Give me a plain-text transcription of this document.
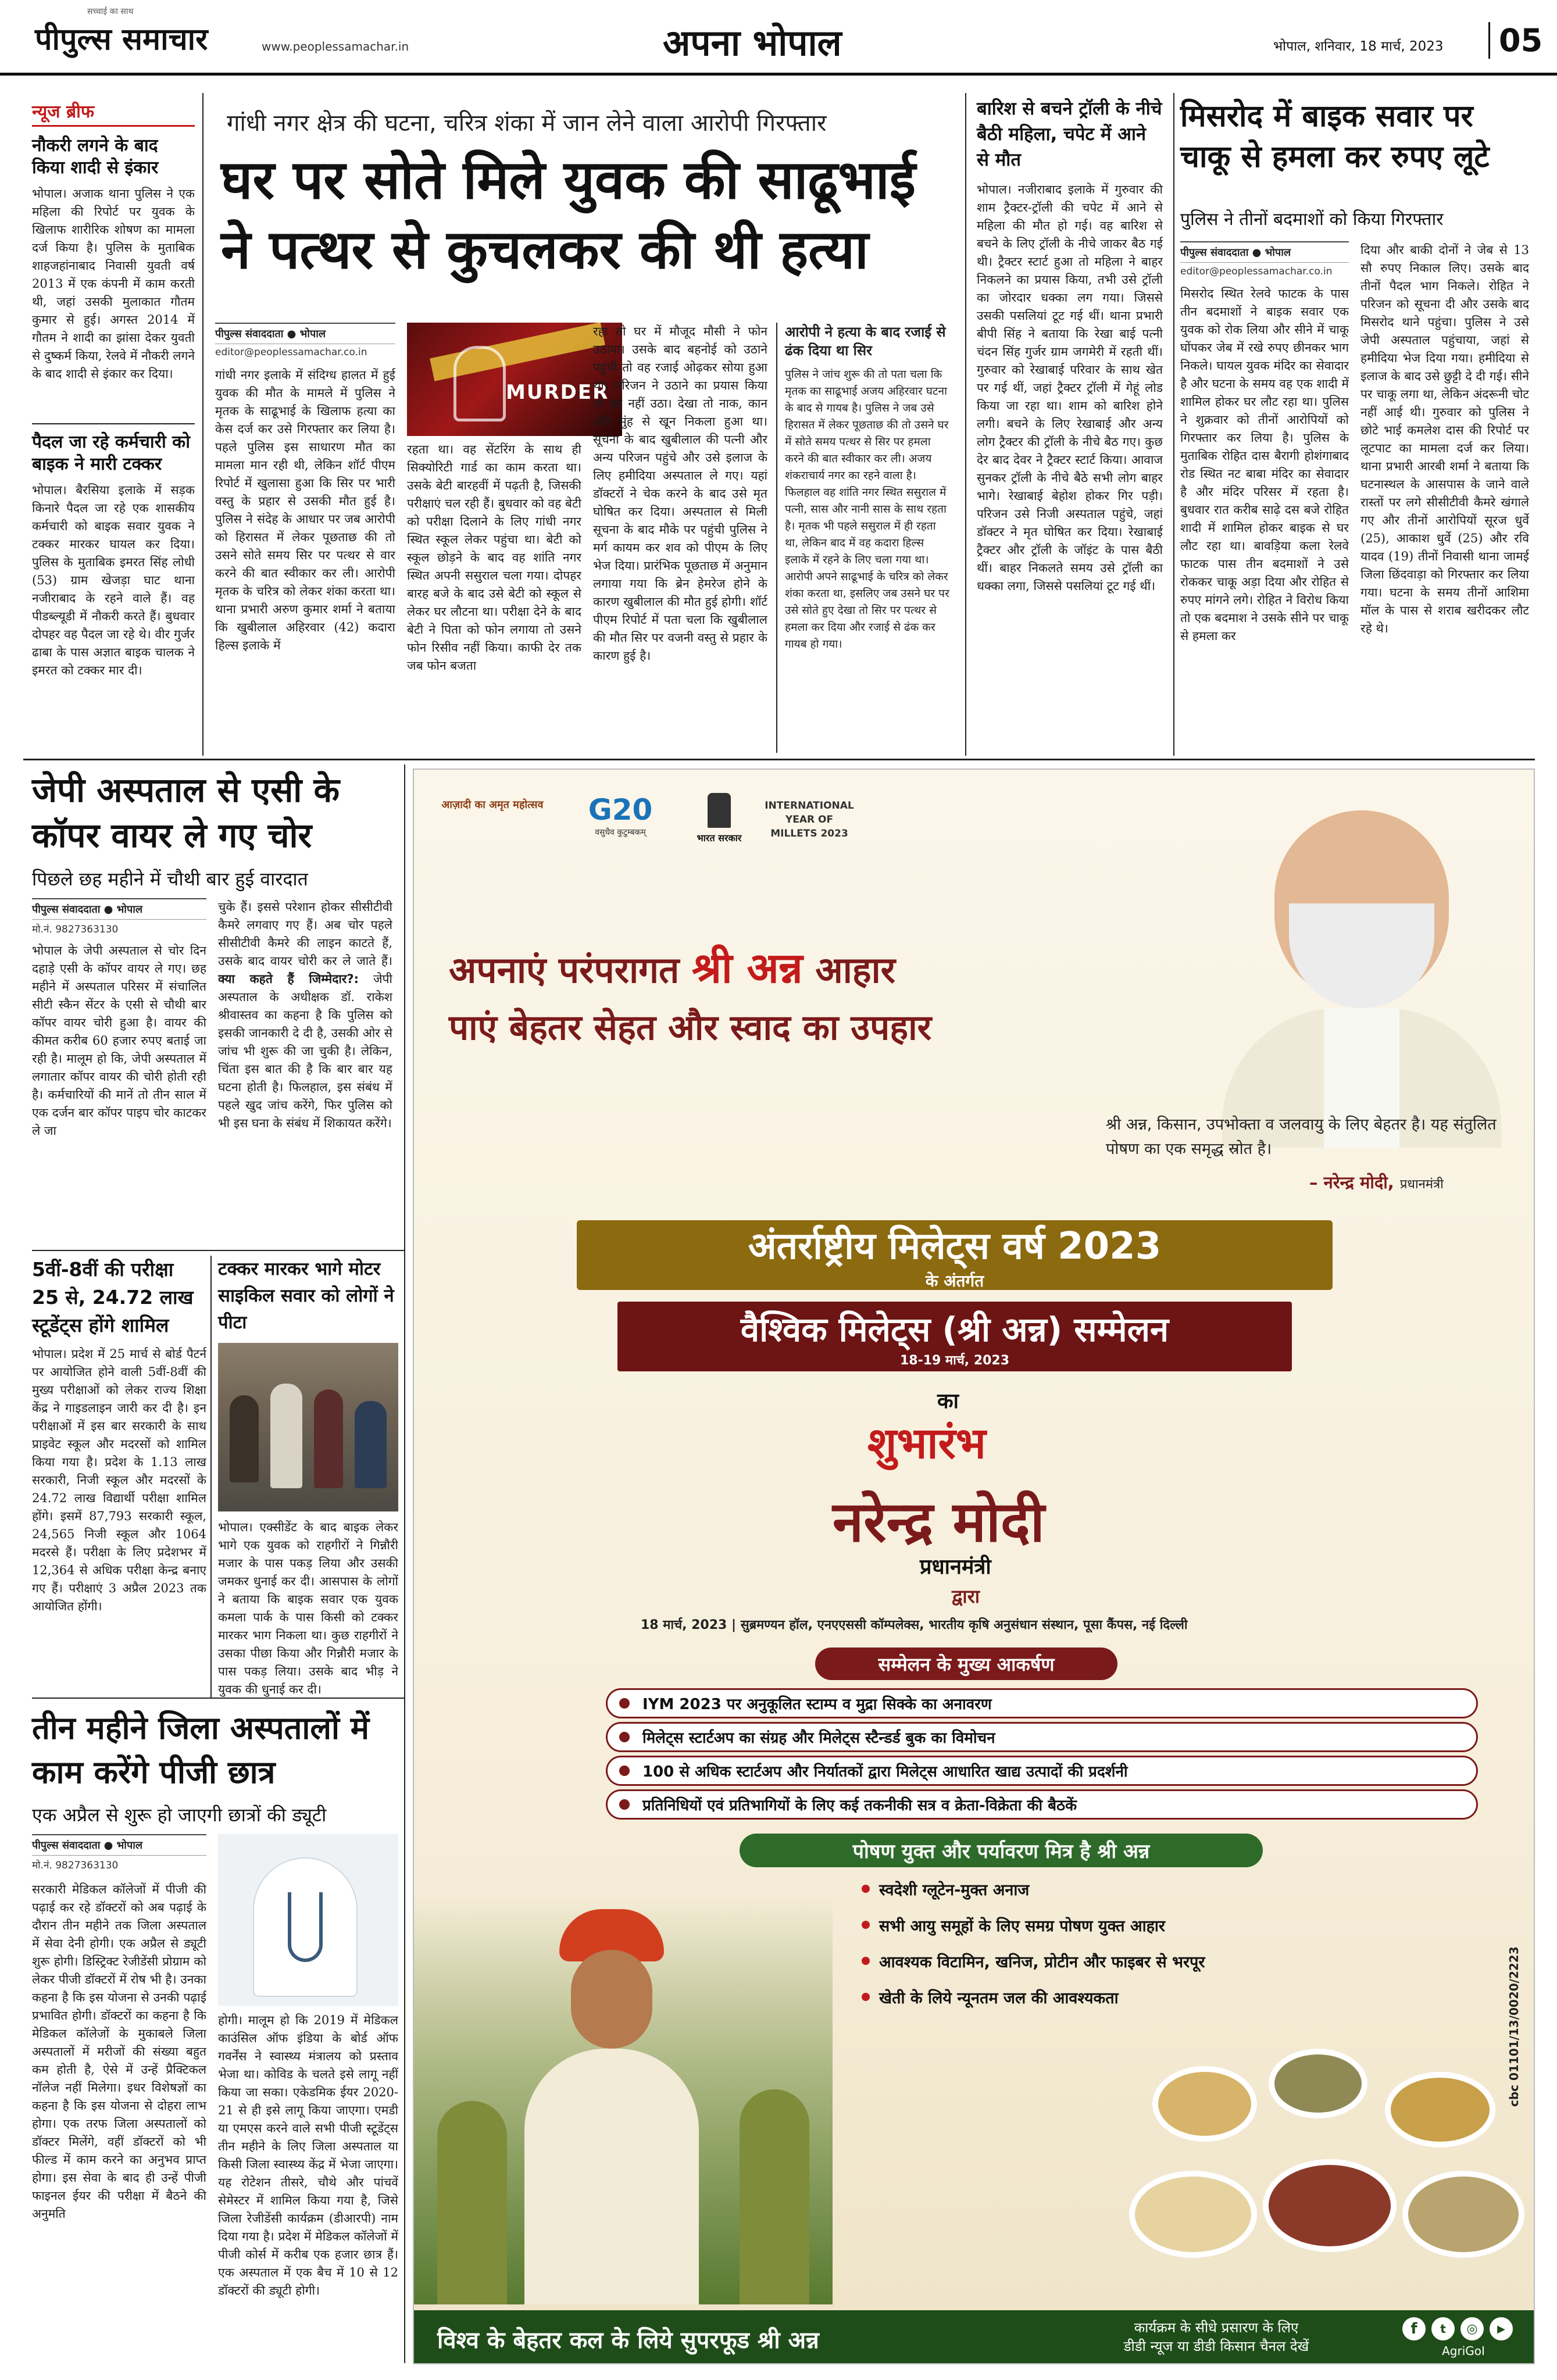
सच्चाई का साथ
पीपुल्स समाचार	www.peoplessamachar.in	अपना भोपाल	भोपाल, शनिवार, 18 मार्च, 2023	05
न्यूज ब्रीफ
नौकरी लगने के बाद किया शादी से इंकार
भोपाल। अजाक थाना पुलिस ने एक महिला की रिपोर्ट पर युवक के खिलाफ शारीरिक शोषण का मामला दर्ज किया है। पुलिस के मुताबिक शाहजहांनाबाद निवासी युवती वर्ष 2013 में एक कंपनी में काम करती थी, जहां उसकी मुलाकात गौतम कुमार से हुई। अगस्त 2014 में गौतम ने शादी का झांसा देकर युवती से दुष्कर्म किया, रेलवे में नौकरी लगने के बाद शादी से इंकार कर दिया।
पैदल जा रहे कर्मचारी को बाइक ने मारी टक्कर
भोपाल। बैरसिया इलाके में सड़क किनारे पैदल जा रहे एक शासकीय कर्मचारी को बाइक सवार युवक ने टक्कर मारकर घायल कर दिया। पुलिस के मुताबिक इमरत सिंह लोधी (53) ग्राम खेजड़ा घाट थाना नजीराबाद के रहने वाले हैं। वह पीडब्ल्यूडी में नौकरी करते हैं। बुधवार दोपहर वह पैदल जा रहे थे। वीर गुर्जर ढाबा के पास अज्ञात बाइक चालक ने इमरत को टक्कर मार दी।
गांधी नगर क्षेत्र की घटना, चरित्र शंका में जान लेने वाला आरोपी गिरफ्तार
घर पर सोते मिले युवक की साढूभाई ने पत्थर से कुचलकर की थी हत्या
पीपुल्स संवाददाता ● भोपाल
editor@peoplessamachar.co.in
MURDER
गांधी नगर इलाके में संदिग्ध हालत में हुई युवक की मौत के मामले में पुलिस ने मृतक के साढूभाई के खिलाफ हत्या का केस दर्ज कर उसे गिरफ्तार कर लिया है। पहले पुलिस इस साधारण मौत का मामला मान रही थी, लेकिन शॉर्ट पीएम रिपोर्ट में खुलासा हुआ कि सिर पर भारी वस्तु के प्रहार से उसकी मौत हुई है। पुलिस ने संदेह के आधार पर जब आरोपी को हिरासत में लेकर पूछताछ की तो उसने सोते समय सिर पर पत्थर से वार करने की बात स्वीकार कर ली। आरोपी मृतक के चरित्र को लेकर शंका करता था। थाना प्रभारी अरुण कुमार शर्मा ने बताया कि खुबीलाल अहिरवार (42) कदारा हिल्स इलाके में
रहता था। वह सेंटरिंग के साथ ही सिक्योरिटी गार्ड का काम करता था। उसके बेटी बारहवीं में पढ़ती है, जिसकी परीक्षाएं चल रही हैं। बुधवार को वह बेटी को परीक्षा दिलाने के लिए गांधी नगर स्थित स्कूल लेकर पहुंचा था। बेटी को स्कूल छोड़ने के बाद वह शांति नगर स्थित अपनी ससुराल चला गया। दोपहर बारह बजे के बाद उसे बेटी को स्कूल से लेकर घर लौटना था। परीक्षा देने के बाद बेटी ने पिता को फोन लगाया तो उसने फोन रिसीव नहीं किया। काफी देर तक जब फोन बजता
रहा तो घर में मौजूद मौसी ने फोन उठाया। उसके बाद बहनोई को उठाने पहुंची तो वह रजाई ओढ़कर सोया हुआ था। परिजन ने उठाने का प्रयास किया तो वह नहीं उठा। देखा तो नाक, कान और मुंह से खून निकला हुआ था। सूचना के बाद खुबीलाल की पत्नी और अन्य परिजन पहुंचे और उसे इलाज के लिए हमीदिया अस्पताल ले गए। यहां डॉक्टरों ने चेक करने के बाद उसे मृत घोषित कर दिया। अस्पताल से मिली सूचना के बाद मौके पर पहुंची पुलिस ने मर्ग कायम कर शव को पीएम के लिए भेज दिया। प्रारंभिक पूछताछ में अनुमान लगाया गया कि ब्रेन हेमरेज होने के कारण खुबीलाल की मौत हुई होगी। शॉर्ट पीएम रिपोर्ट में पता चला कि खुबीलाल की मौत सिर पर वजनी वस्तु से प्रहार के कारण हुई है।
आरोपी ने हत्या के बाद रजाई से ढंक दिया था सिर
पुलिस ने जांच शुरू की तो पता चला कि मृतक का साढूभाई अजय अहिरवार घटना के बाद से गायब है। पुलिस ने जब उसे हिरासत में लेकर पूछताछ की तो उसने घर में सोते समय पत्थर से सिर पर हमला करने की बात स्वीकार कर ली। अजय शंकराचार्य नगर का रहने वाला है। फिलहाल वह शांति नगर स्थित ससुराल में पत्नी, सास और नानी सास के साथ रहता है। मृतक भी पहले ससुराल में ही रहता था, लेकिन बाद में वह कदारा हिल्स इलाके में रहने के लिए चला गया था। आरोपी अपने साढूभाई के चरित्र को लेकर शंका करता था, इसलिए जब उसने घर पर उसे सोते हुए देखा तो सिर पर पत्थर से हमला कर दिया और रजाई से ढंक कर गायब हो गया।
बारिश से बचने ट्रॉली के नीचे बैठी महिला, चपेट में आने से मौत
भोपाल। नजीराबाद इलाके में गुरुवार की शाम ट्रैक्टर-ट्रॉली की चपेट में आने से महिला की मौत हो गई। वह बारिश से बचने के लिए ट्रॉली के नीचे जाकर बैठ गई थी। ट्रैक्टर स्टार्ट हुआ तो महिला ने बाहर निकलने का प्रयास किया, तभी उसे ट्रॉली का जोरदार धक्का लग गया। जिससे उसकी पसलियां टूट गई थीं। थाना प्रभारी बीपी सिंह ने बताया कि रेखा बाई पत्नी चंदन सिंह गुर्जर ग्राम जगमेरी में रहती थीं। गुरुवार को रेखाबाई परिवार के साथ खेत पर गई थीं, जहां ट्रैक्टर ट्रॉली में गेहूं लोड किया जा रहा था। शाम को बारिश होने लगी। बचने के लिए रेखाबाई और अन्य लोग ट्रैक्टर की ट्रॉली के नीचे बैठ गए। कुछ देर बाद देवर ने ट्रैक्टर स्टार्ट किया। आवाज सुनकर ट्रॉली के नीचे बैठे सभी लोग बाहर भागे। रेखाबाई बेहोश होकर गिर पड़ी। परिजन उसे निजी अस्पताल पहुंचे, जहां डॉक्टर ने मृत घोषित कर दिया। रेखाबाई ट्रैक्टर और ट्रॉली के जॉइंट के पास बैठी थीं। बाहर निकलते समय उसे ट्रॉली का धक्का लगा, जिससे पसलियां टूट गई थीं।
मिसरोद में बाइक सवार पर चाकू से हमला कर रुपए लूटे
पुलिस ने तीनों बदमाशों को किया गिरफ्तार
पीपुल्स संवाददाता ● भोपाल
editor@peoplessamachar.co.in
मिसरोद स्थित रेलवे फाटक के पास तीन बदमाशों ने बाइक सवार एक युवक को रोक लिया और सीने में चाकू घोंपकर जेब में रखे रुपए छीनकर भाग निकले। घायल युवक मंदिर का सेवादार है और घटना के समय वह एक शादी में शामिल होकर घर लौट रहा था। पुलिस ने शुक्रवार को तीनों आरोपियों को गिरफ्तार कर लिया है। पुलिस के मुताबिक रोहित दास बैरागी होशंगाबाद रोड स्थित नट बाबा मंदिर का सेवादार है और मंदिर परिसर में रहता है। बुधवार रात करीब साढ़े दस बजे रोहित शादी में शामिल होकर बाइक से घर लौट रहा था। बावड़िया कला रेलवे फाटक पास तीन बदमाशों ने उसे रोककर चाकू अड़ा दिया और रोहित से रुपए मांगने लगे। रोहित ने विरोध किया तो एक बदमाश ने उसके सीने पर चाकू से हमला कर
दिया और बाकी दोनों ने जेब से 13 सौ रुपए निकाल लिए। उसके बाद तीनों पैदल भाग निकले। रोहित ने परिजन को सूचना दी और उसके बाद मिसरोद थाने पहुंचा। पुलिस ने उसे जेपी अस्पताल पहुंचाया, जहां से हमीदिया भेज दिया गया। हमीदिया से इलाज के बाद उसे छुट्टी दे दी गई। सीने पर चाकू लगा था, लेकिन अंदरूनी चोट नहीं आई थी। गुरुवार को पुलिस ने छोटे भाई कमलेश दास की रिपोर्ट पर लूटपाट का मामला दर्ज कर लिया। थाना प्रभारी आरबी शर्मा ने बताया कि घटनास्थल के आसपास के जाने वाले रास्तों पर लगे सीसीटीवी कैमरे खंगाले गए और तीनों आरोपियों सूरज धुर्वे (25), आकाश धुर्वे (25) और रवि यादव (19) तीनों निवासी थाना जामई जिला छिंदवाड़ा को गिरफ्तार कर लिया गया। घटना के समय तीनों आशिमा मॉल के पास से शराब खरीदकर लौट रहे थे।
जेपी अस्पताल से एसी के कॉपर वायर ले गए चोर
पिछले छह महीने में चौथी बार हुई वारदात
पीपुल्स संवाददाता ● भोपाल
मो.नं. 9827363130
भोपाल के जेपी अस्पताल से चोर दिन दहाड़े एसी के कॉपर वायर ले गए। छह महीने में अस्पताल परिसर में संचालित सीटी स्कैन सेंटर के एसी से चौथी बार कॉपर वायर चोरी हुआ है। वायर की कीमत करीब 60 हजार रुपए बताई जा रही है। मालूम हो कि, जेपी अस्पताल में लगातार कॉपर वायर की चोरी होती रही है। कर्मचारियों की मानें तो तीन साल में एक दर्जन बार कॉपर पाइप चोर काटकर ले जा
चुके हैं। इससे परेशान होकर सीसीटीवी कैमरे लगवाए गए हैं। अब चोर पहले सीसीटीवी कैमरे की लाइन काटते हैं, उसके बाद वायर चोरी कर ले जाते हैं। क्या कहते हैं जिम्मेदार?: जेपी अस्पताल के अधीक्षक डॉ. राकेश श्रीवास्तव का कहना है कि पुलिस को इसकी जानकारी दे दी है, उसकी ओर से जांच भी शुरू की जा चुकी है। लेकिन, चिंता इस बात की है कि बार बार यह घटना होती है। फिलहाल, इस संबंध में पहले खुद जांच करेंगे, फिर पुलिस को भी इस घना के संबंध में शिकायत करेंगे।
5वीं-8वीं की परीक्षा 25 से, 24.72 लाख स्टूडेंट्स होंगे शामिल
भोपाल। प्रदेश में 25 मार्च से बोर्ड पैटर्न पर आयोजित होने वाली 5वीं-8वीं की मुख्य परीक्षाओं को लेकर राज्य शिक्षा केंद्र ने गाइडलाइन जारी कर दी है। इन परीक्षाओं में इस बार सरकारी के साथ प्राइवेट स्कूल और मदरसों को शामिल किया गया है। प्रदेश के 1.13 लाख सरकारी, निजी स्कूल और मदरसों के 24.72 लाख विद्यार्थी परीक्षा शामिल होंगे। इसमें 87,793 सरकारी स्कूल, 24,565 निजी स्कूल और 1064 मदरसे हैं। परीक्षा के लिए प्रदेशभर में 12,364 से अधिक परीक्षा केन्द्र बनाए गए हैं। परीक्षाएं 3 अप्रैल 2023 तक आयोजित होंगी।
टक्कर मारकर भागे मोटर साइकिल सवार को लोगों ने पीटा
भोपाल। एक्सीडेंट के बाद बाइक लेकर भागे एक युवक को राहगीरों ने गिन्नौरी मजार के पास पकड़ लिया और उसकी जमकर धुनाई कर दी। आसपास के लोगों ने बताया कि बाइक सवार एक युवक कमला पार्क के पास किसी को टक्कर मारकर भाग निकला था। कुछ राहगीरों ने उसका पीछा किया और गिन्नौरी मजार के पास पकड़ लिया। उसके बाद भीड़ ने युवक की धुनाई कर दी।
तीन महीने जिला अस्पतालों में काम करेंगे पीजी छात्र
एक अप्रैल से शुरू हो जाएगी छात्रों की ड्यूटी
पीपुल्स संवाददाता ● भोपाल
मो.नं. 9827363130
सरकारी मेडिकल कॉलेजों में पीजी की पढ़ाई कर रहे डॉक्टरों को अब पढ़ाई के दौरान तीन महीने तक जिला अस्पताल में सेवा देनी होगी। एक अप्रैल से ड्यूटी शुरू होगी। डिस्ट्रिक्ट रेजीडेंसी प्रोग्राम को लेकर पीजी डॉक्टरों में रोष भी है। उनका कहना है कि इस योजना से उनकी पढ़ाई प्रभावित होगी। डॉक्टरों का कहना है कि मेडिकल कॉलेजों के मुकाबले जिला अस्पतालों में मरीजों की संख्या बहुत कम होती है, ऐसे में उन्हें प्रैक्टिकल नॉलेज नहीं मिलेगा। इधर विशेषज्ञों का कहना है कि इस योजना से दोहरा लाभ होगा। एक तरफ जिला अस्पतालों को डॉक्टर मिलेंगे, वहीं डॉक्टरों को भी फील्ड में काम करने का अनुभव प्राप्त होगा। इस सेवा के बाद ही उन्हें पीजी फाइनल ईयर की परीक्षा में बैठने की अनुमति
होगी। मालूम हो कि 2019 में मेडिकल काउंसिल ऑफ इंडिया के बोर्ड ऑफ गवर्नेंस ने स्वास्थ्य मंत्रालय को प्रस्ताव भेजा था। कोविड के चलते इसे लागू नहीं किया जा सका। एकेडमिक ईयर 2020-21 से ही इसे लागू किया जाएगा। एमडी या एमएस करने वाले सभी पीजी स्टूडेंट्स तीन महीने के लिए जिला अस्पताल या किसी जिला स्वास्थ्य केंद्र में भेजा जाएगा। यह रोटेशन तीसरे, चौथे और पांचवें सेमेस्टर में शामिल किया गया है, जिसे जिला रेजीडेंसी कार्यक्रम (डीआरपी) नाम दिया गया है। प्रदेश में मेडिकल कॉलेजों में पीजी कोर्स में करीब एक हजार छात्र हैं। एक अस्पताल में एक बैच में 10 से 12 डॉक्टरों की ड्यूटी होगी।
आज़ादी का अमृत महोत्सव	G20
वसुधैव कुटुम्बकम्	भारत सरकार
INTERNATIONAL YEAR OF MILLETS 2023
अपनाएं परंपरागत श्री अन्न आहार
पाएं बेहतर सेहत और स्वाद का उपहार
श्री अन्न, किसान, उपभोक्ता व जलवायु के लिए बेहतर है। यह संतुलित पोषण का एक समृद्ध स्रोत है।
– नरेन्द्र मोदी, प्रधानमंत्री
अंतर्राष्ट्रीय मिलेट्स वर्ष 2023
के अंतर्गत
वैश्विक मिलेट्स (श्री अन्न) सम्मेलन
18-19 मार्च, 2023
का
शुभारंभ
नरेन्द्र मोदी
प्रधानमंत्री
द्वारा
18 मार्च, 2023 | सुब्रमण्यन हॉल, एनएएससी कॉम्पलेक्स, भारतीय कृषि अनुसंधान संस्थान, पूसा कैंपस, नई दिल्ली
सम्मेलन के मुख्य आकर्षण
IYM 2023 पर अनुकूलित स्टाम्प व मुद्रा सिक्के का अनावरण
मिलेट्स स्टार्टअप का संग्रह और मिलेट्स स्टैन्डर्ड बुक का विमोचन
100 से अधिक स्टार्टअप और निर्यातकों द्वारा मिलेट्स आधारित खाद्य उत्पादों की प्रदर्शनी
प्रतिनिधियों एवं प्रतिभागियों के लिए कई तकनीकी सत्र व क्रेता-विक्रेता की बैठकें
पोषण युक्त और पर्यावरण मित्र है श्री अन्न
स्वदेशी ग्लूटेन-मुक्त अनाज
सभी आयु समूहों के लिए समग्र पोषण युक्त आहार
आवश्यक विटामिन, खनिज, प्रोटीन और फाइबर से भरपूर
खेती के लिये न्यूनतम जल की आवश्यकता	cbc 01101/13/0020/2223
विश्व के बेहतर कल के लिये सुपरफूड श्री अन्न	कार्यक्रम के सीधे प्रसारण के लिए
डीडी न्यूज या डीडी किसान चैनल देखें
f	t	◎	▶
AgriGoI
